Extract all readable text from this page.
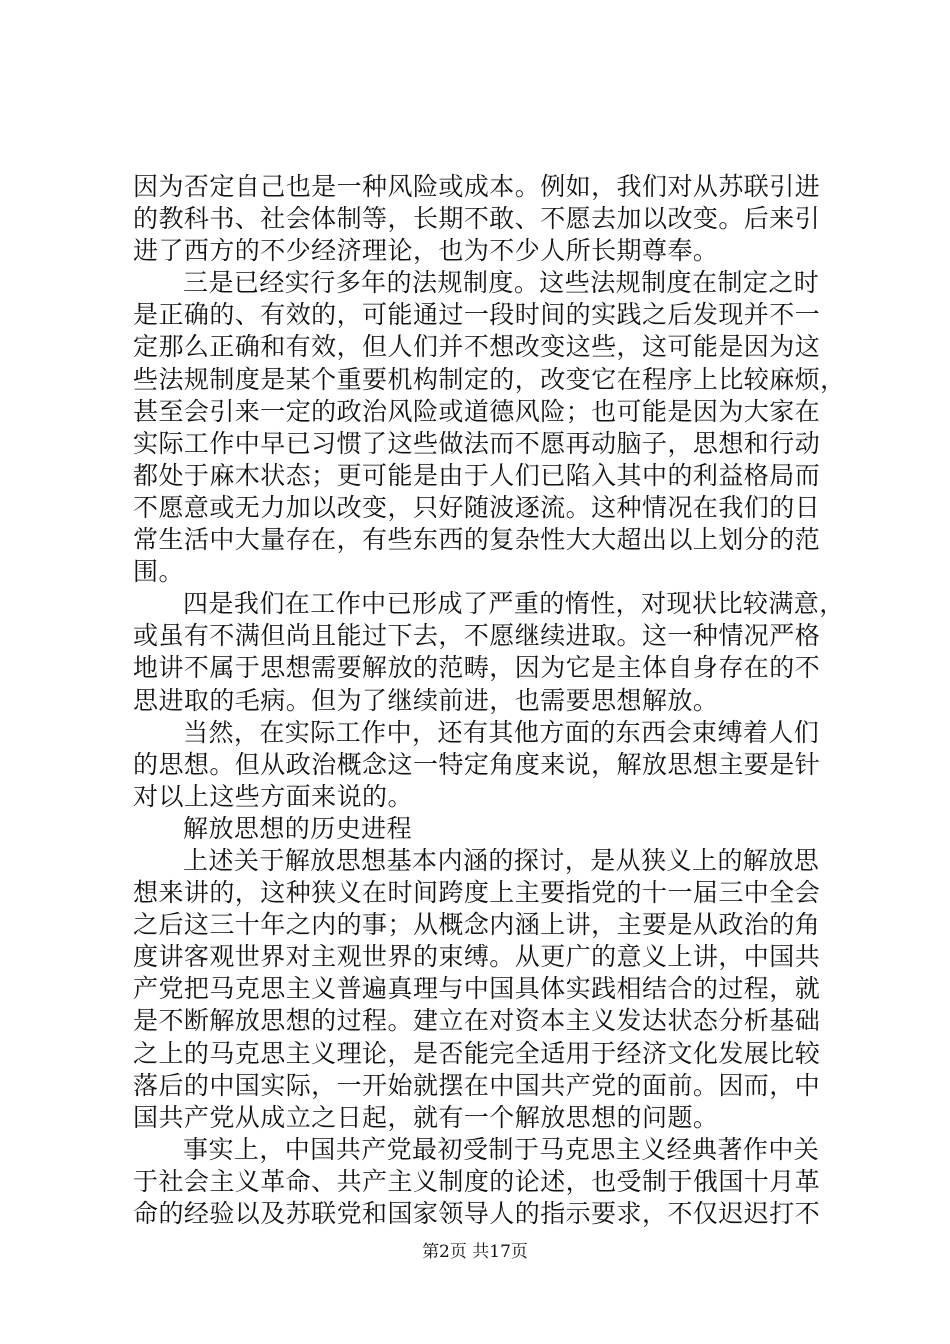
因为否定自己也是一种风险或成本。例如，我们对从苏联引进
的教科书、社会体制等，长期不敢、不愿去加以改变。后来引
进了西方的不少经济理论，也为不少人所长期尊奉。
三是已经实行多年的法规制度。这些法规制度在制定之时
是正确的、有效的，可能通过一段时间的实践之后发现并不一
定那么正确和有效，但人们并不想改变这些，这可能是因为这
些法规制度是某个重要机构制定的，改变它在程序上比较麻烦，
甚至会引来一定的政治风险或道德风险；也可能是因为大家在
实际工作中早已习惯了这些做法而不愿再动脑子，思想和行动
都处于麻木状态；更可能是由于人们已陷入其中的利益格局而
不愿意或无力加以改变，只好随波逐流。这种情况在我们的日
常生活中大量存在，有些东西的复杂性大大超出以上划分的范
围。
四是我们在工作中已形成了严重的惰性，对现状比较满意，
或虽有不满但尚且能过下去，不愿继续进取。这一种情况严格
地讲不属于思想需要解放的范畴，因为它是主体自身存在的不
思进取的毛病。但为了继续前进，也需要思想解放。
当然，在实际工作中，还有其他方面的东西会束缚着人们
的思想。但从政治概念这一特定角度来说，解放思想主要是针
对以上这些方面来说的。
解放思想的历史进程
上述关于解放思想基本内涵的探讨，是从狭义上的解放思
想来讲的，这种狭义在时间跨度上主要指党的十一届三中全会
之后这三十年之内的事；从概念内涵上讲，主要是从政治的角
度讲客观世界对主观世界的束缚。从更广的意义上讲，中国共
产党把马克思主义普遍真理与中国具体实践相结合的过程，就
是不断解放思想的过程。建立在对资本主义发达状态分析基础
之上的马克思主义理论，是否能完全适用于经济文化发展比较
落后的中国实际，一开始就摆在中国共产党的面前。因而，中
国共产党从成立之日起，就有一个解放思想的问题。
事实上，中国共产党最初受制于马克思主义经典著作中关
于社会主义革命、共产主义制度的论述，也受制于俄国十月革
命的经验以及苏联党和国家领导人的指示要求，不仅迟迟打不
第2页 共17页
